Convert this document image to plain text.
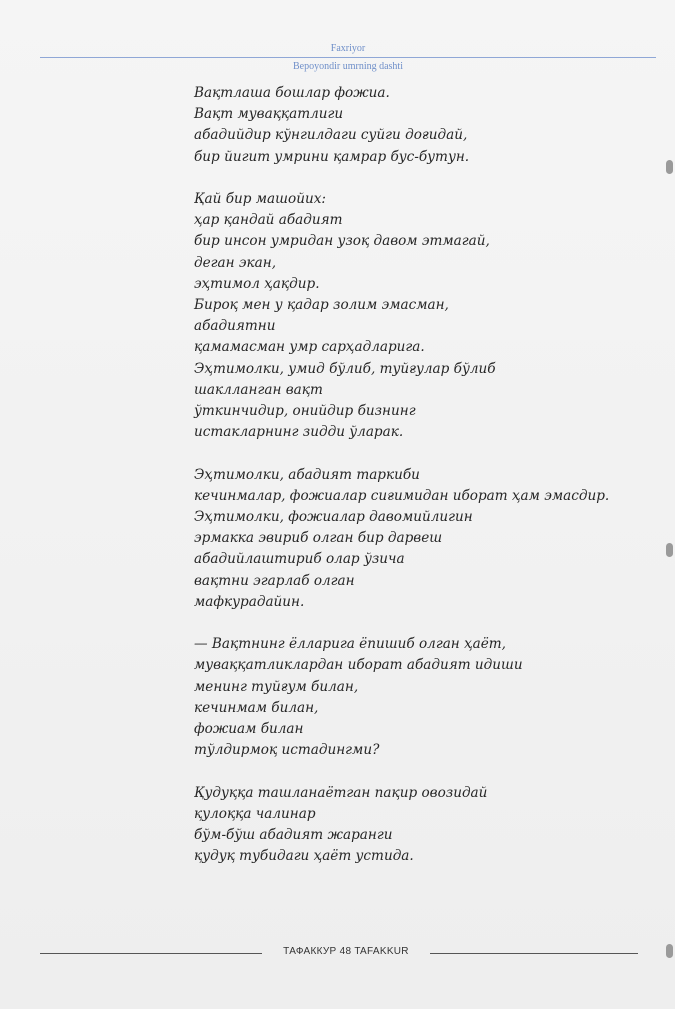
Faxriyor
Bepoyondir umrning dashti
Вақтлаша бошлар фожиа.
Вақт муваққатлиги
абадийдир кўнгилдаги суйги доғидай,
бир йигит умрини қамрар бус-бутун.
Қай бир машойих:
ҳар қандай абадият
бир инсон умридан узоқ давом этмагай,
деган экан,
эҳтимол ҳақдир.
Бироқ мен у қадар золим эмасман,
абадиятни
қамамасман умр сарҳадларига.
Эҳтимолки, умид бўлиб, туйғулар бўлиб
шаклланган вақт
ўткинчидир, онийдир бизнинг
истакларнинг зидди ўларак.
Эҳтимолки, абадият таркиби
кечинмалар, фожиалар сиғимидан иборат ҳам эмасдир.
Эҳтимолки, фожиалар давомийлигин
эрмакка эвириб олган бир дарвеш
абадийлаштириб олар ўзича
вақтни эгарлаб олган
мафкурадайин.
— Вақтнинг ёлларига ёпишиб олган ҳаёт,
муваққатликлардан иборат абадият идиши
менинг туйғум билан,
кечинмам билан,
фожиам билан
тўлдирмоқ истадингми?
Қудуққа ташланаётган пақир овозидай
қулоққа чалинар
бўм-бўш абадият жаранги
қудуқ тубидаги ҳаёт устида.
ТАФАККУР 48 TAFAKKUR
